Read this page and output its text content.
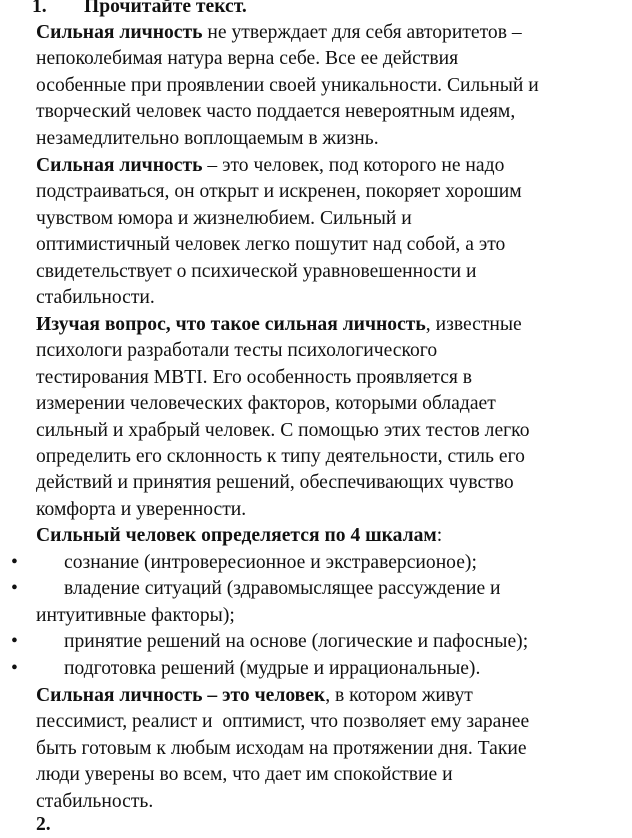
1. Прочитайте текст.
Сильная личность не утверждает для себя авторитетов –
непоколебимая натура верна себе. Все ее действия
особенные при проявлении своей уникальности. Сильный и
творческий человек часто поддается невероятным идеям,
незамедлительно воплощаемым в жизнь.
Сильная личность – это человек, под которого не надо
подстраиваться, он открыт и искренен, покоряет хорошим
чувством юмора и жизнелюбием. Сильный и
оптимистичный человек легко пошутит над собой, а это
свидетельствует о психической уравновешенности и
стабильности.
Изучая вопрос, что такое сильная личность, известные
психологи разработали тесты психологического
тестирования MBTI. Его особенность проявляется в
измерении человеческих факторов, которыми обладает
сильный и храбрый человек. С помощью этих тестов легко
определить его склонность к типу деятельности, стиль его
действий и принятия решений, обеспечивающих чувство
комфорта и уверенности.
Сильный человек определяется по 4 шкалам:
• сознание (интровересионное и экстраверсионое);
• владение ситуаций (здравомыслящее рассуждение и
интуитивные факторы);
• принятие решений на основе (логические и пафосные);
• подготовка решений (мудрые и иррациональные).
Сильная личность – это человек, в котором живут
пессимист, реалист и  оптимист, что позволяет ему заранее
быть готовым к любым исходам на протяжении дня. Такие
люди уверены во всем, что дает им спокойствие и
стабильность.
2.
